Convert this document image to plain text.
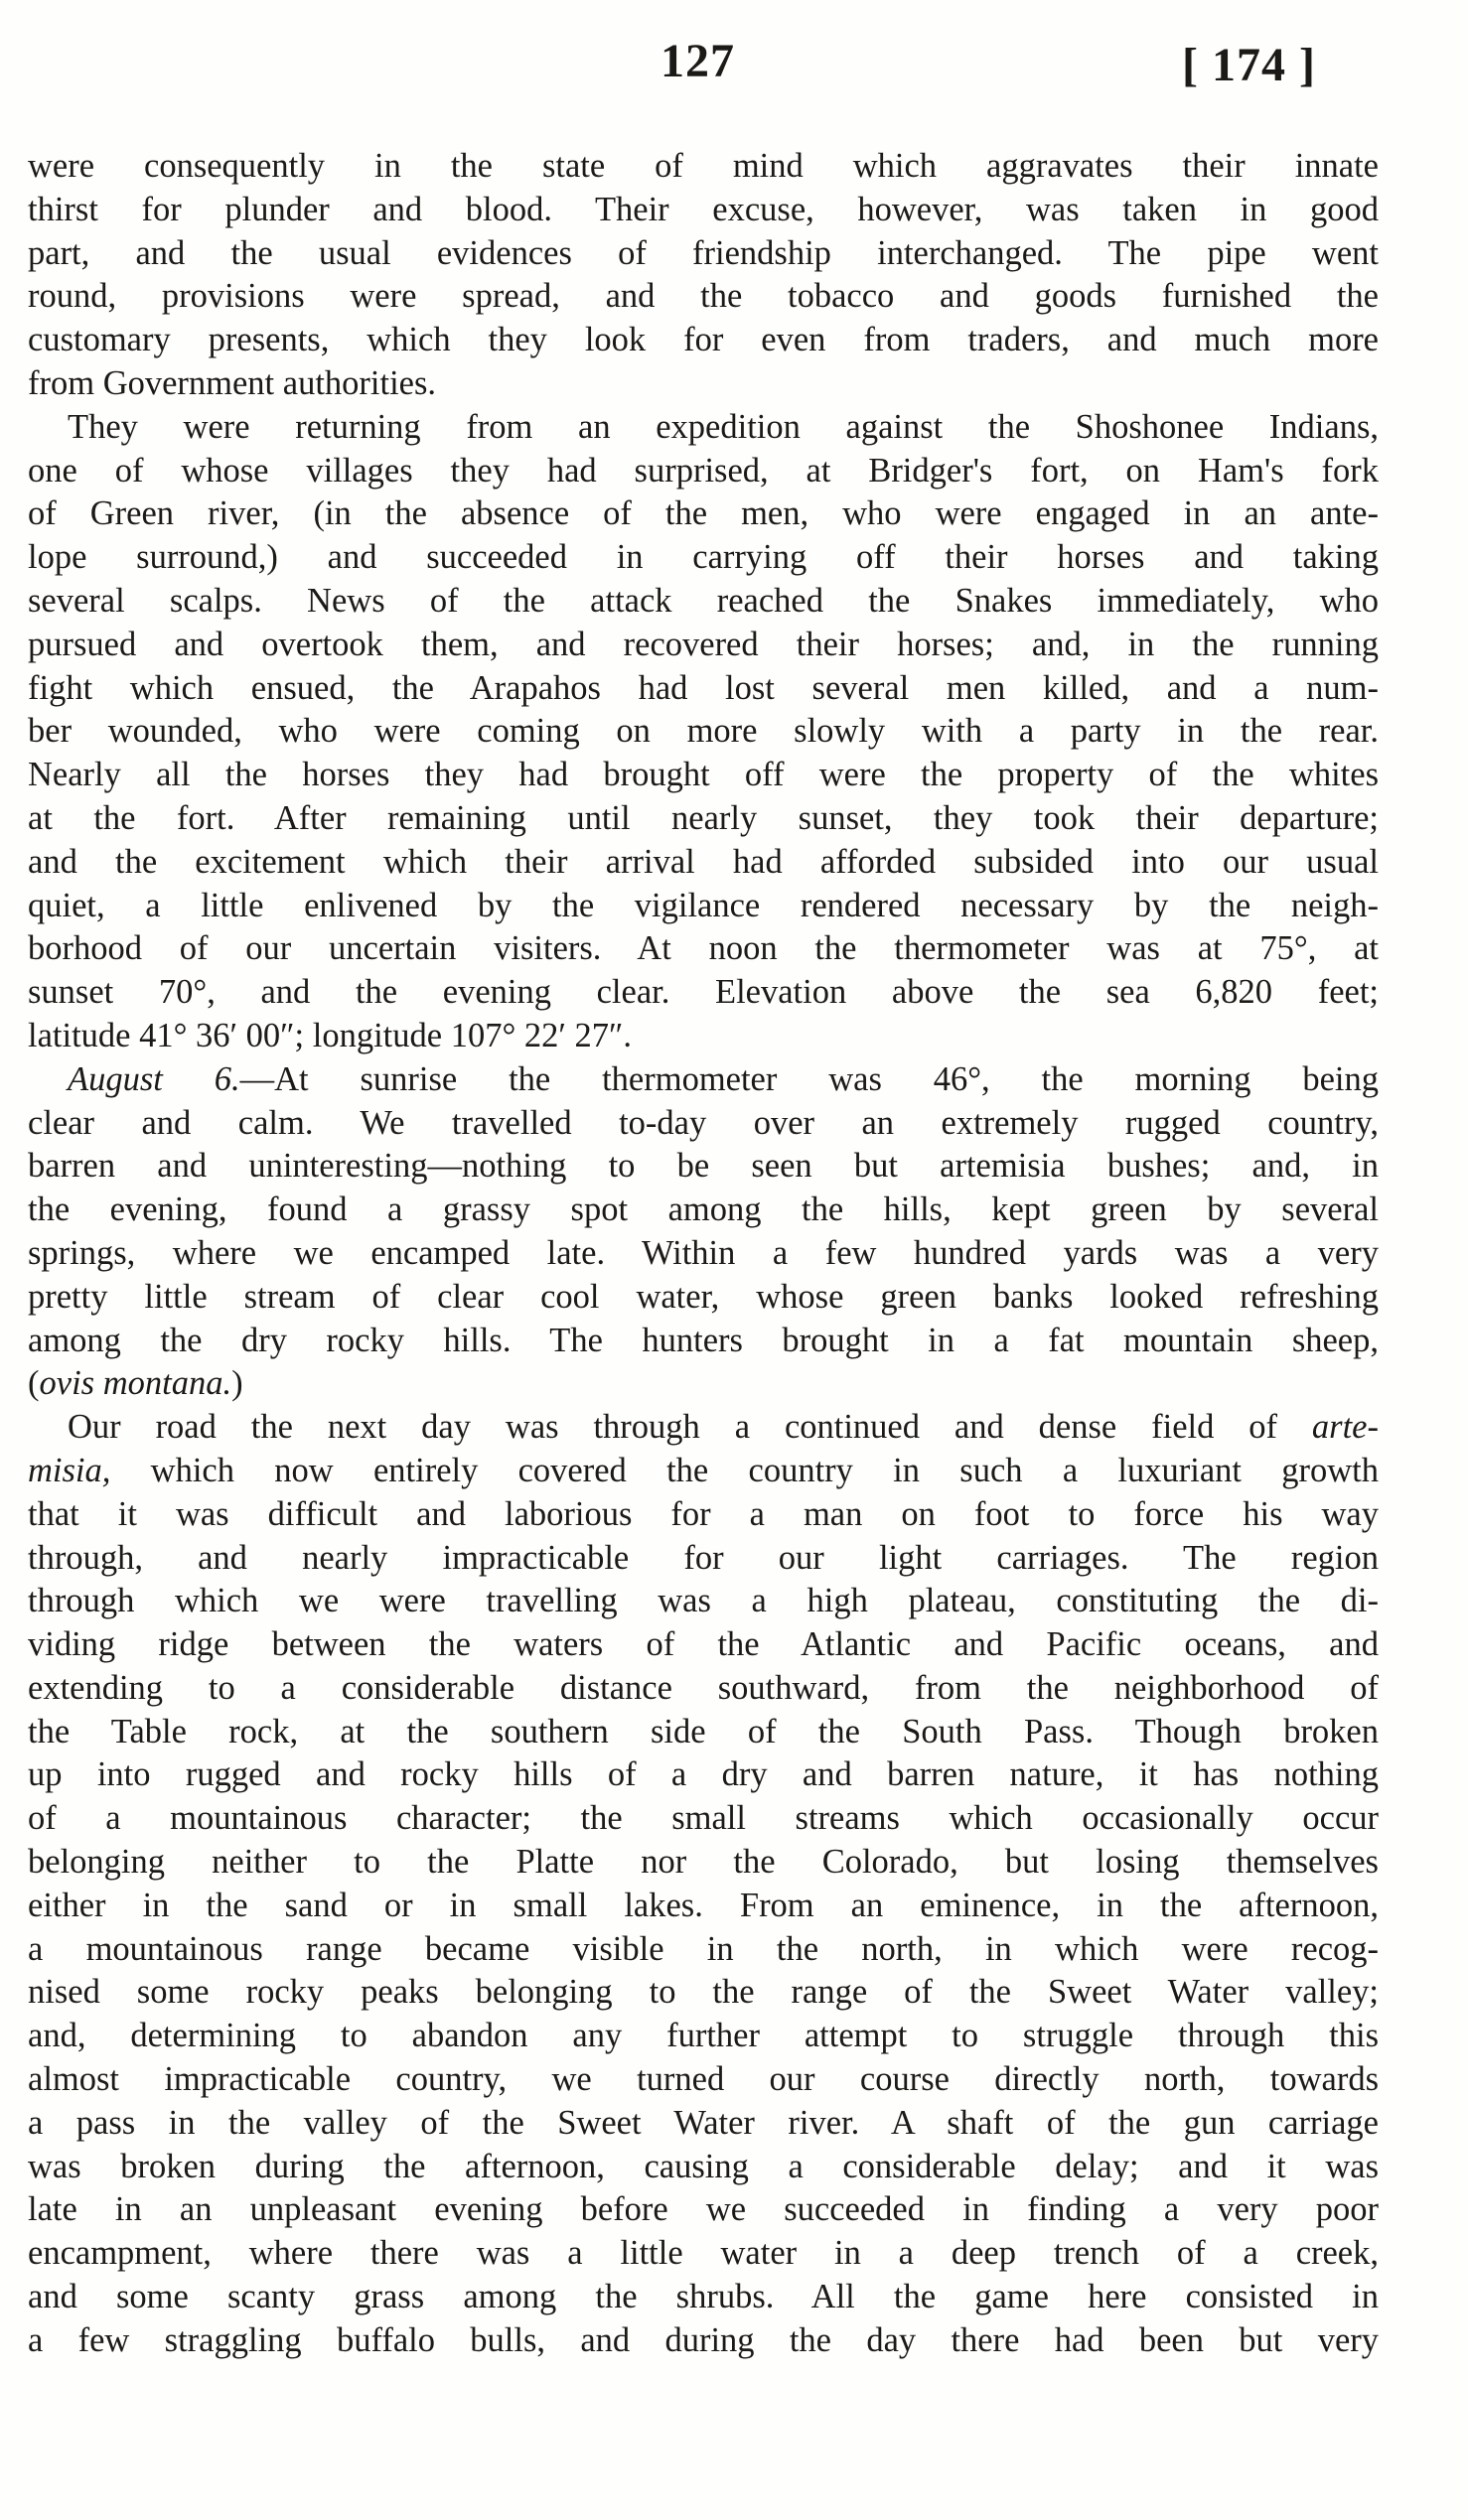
127	[ 174 ]
were consequently in the state of mind which aggravates their innate
thirst for plunder and blood. Their excuse, however, was taken in good
part, and the usual evidences of friendship interchanged. The pipe went
round, provisions were spread, and the tobacco and goods furnished the
customary presents, which they look for even from traders, and much more
from Government authorities.
They were returning from an expedition against the Shoshonee Indians,
one of whose villages they had surprised, at Bridger's fort, on Ham's fork
of Green river, (in the absence of the men, who were engaged in an ante-
lope surround,) and succeeded in carrying off their horses and taking
several scalps. News of the attack reached the Snakes immediately, who
pursued and overtook them, and recovered their horses; and, in the running
fight which ensued, the Arapahos had lost several men killed, and a num-
ber wounded, who were coming on more slowly with a party in the rear.
Nearly all the horses they had brought off were the property of the whites
at the fort. After remaining until nearly sunset, they took their departure;
and the excitement which their arrival had afforded subsided into our usual
quiet, a little enlivened by the vigilance rendered necessary by the neigh-
borhood of our uncertain visiters. At noon the thermometer was at 75°, at
sunset 70°, and the evening clear. Elevation above the sea 6,820 feet;
latitude 41° 36′ 00″; longitude 107° 22′ 27″.
August 6.—At sunrise the thermometer was 46°, the morning being
clear and calm. We travelled to-day over an extremely rugged country,
barren and uninteresting—nothing to be seen but artemisia bushes; and, in
the evening, found a grassy spot among the hills, kept green by several
springs, where we encamped late. Within a few hundred yards was a very
pretty little stream of clear cool water, whose green banks looked refreshing
among the dry rocky hills. The hunters brought in a fat mountain sheep,
(ovis montana.)
Our road the next day was through a continued and dense field of arte-
misia, which now entirely covered the country in such a luxuriant growth
that it was difficult and laborious for a man on foot to force his way
through, and nearly impracticable for our light carriages. The region
through which we were travelling was a high plateau, constituting the di-
viding ridge between the waters of the Atlantic and Pacific oceans, and
extending to a considerable distance southward, from the neighborhood of
the Table rock, at the southern side of the South Pass. Though broken
up into rugged and rocky hills of a dry and barren nature, it has nothing
of a mountainous character; the small streams which occasionally occur
belonging neither to the Platte nor the Colorado, but losing themselves
either in the sand or in small lakes. From an eminence, in the afternoon,
a mountainous range became visible in the north, in which were recog-
nised some rocky peaks belonging to the range of the Sweet Water valley;
and, determining to abandon any further attempt to struggle through this
almost impracticable country, we turned our course directly north, towards
a pass in the valley of the Sweet Water river. A shaft of the gun carriage
was broken during the afternoon, causing a considerable delay; and it was
late in an unpleasant evening before we succeeded in finding a very poor
encampment, where there was a little water in a deep trench of a creek,
and some scanty grass among the shrubs. All the game here consisted in
a few straggling buffalo bulls, and during the day there had been but very
